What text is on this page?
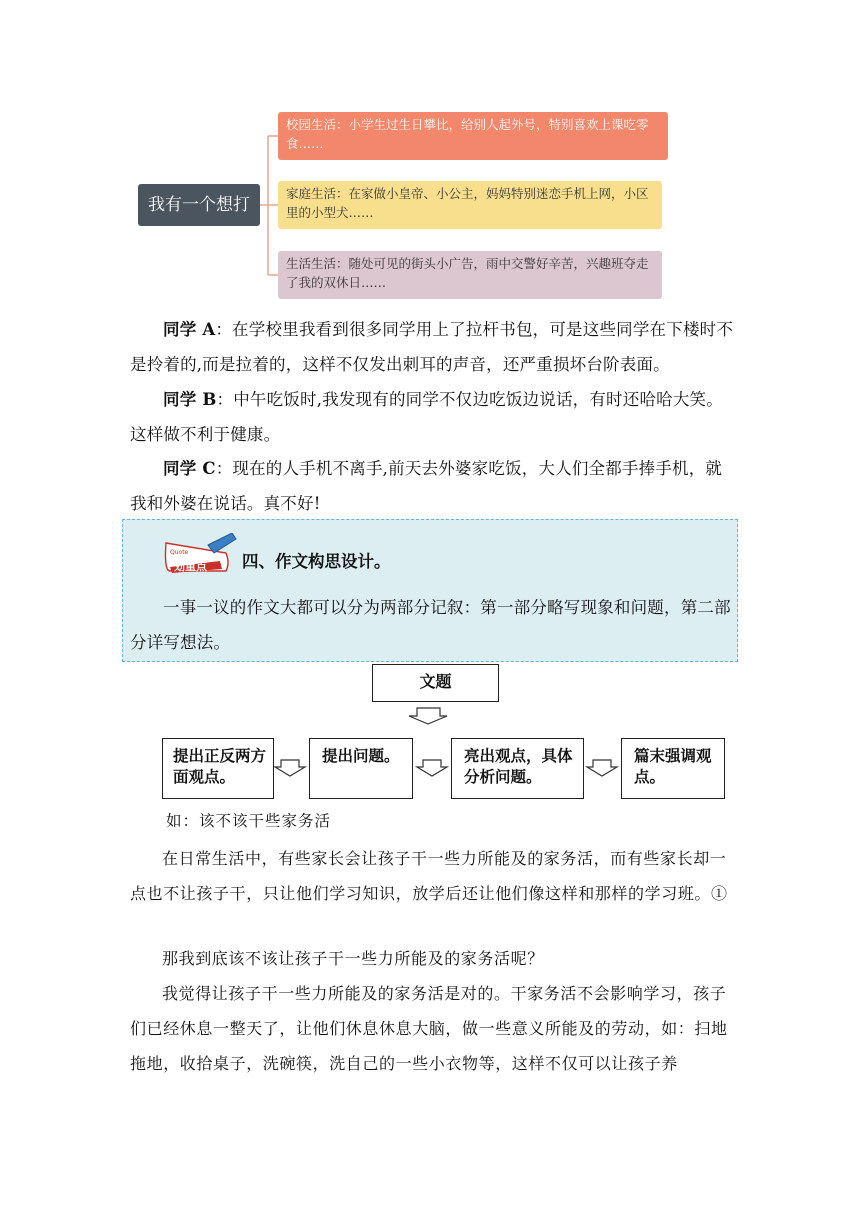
我有一个想打
校园生活：小学生过生日攀比，给别人起外号，特别喜欢上课吃零食……
家庭生活：在家做小皇帝、小公主，妈妈特别迷恋手机上网，小区里的小型犬……
生活生活：随处可见的街头小广告，雨中交警好辛苦，兴趣班夺走了我的双休日……
同学 A：在学校里我看到很多同学用上了拉杆书包，可是这些同学在下楼时不是拎着的,而是拉着的，这样不仅发出刺耳的声音，还严重损坏台阶表面。
同学 B：中午吃饭时,我发现有的同学不仅边吃饭边说话，有时还哈哈大笑。这样做不利于健康。
同学 C：现在的人手机不离手,前天去外婆家吃饭，大人们全都手捧手机，就我和外婆在说话。真不好!
Quote
划重点 四、作文构思设计。
一事一议的作文大都可以分为两部分记叙：第一部分略写现象和问题，第二部分详写想法。
文题
提出正反两方面观点。
提出问题。	亮出观点，具体分析问题。
篇末强调观点。
如：该不该干些家务活
在日常生活中，有些家长会让孩子干一些力所能及的家务活，而有些家长却一点也不让孩子干，只让他们学习知识，放学后还让他们像这样和那样的学习班。①
那我到底该不该让孩子干一些力所能及的家务活呢？
我觉得让孩子干一些力所能及的家务活是对的。干家务活不会影响学习，孩子们已经休息一整天了，让他们休息休息大脑，做一些意义所能及的劳动，如：扫地拖地，收拾桌子，洗碗筷，洗自己的一些小衣物等，这样不仅可以让孩子养
